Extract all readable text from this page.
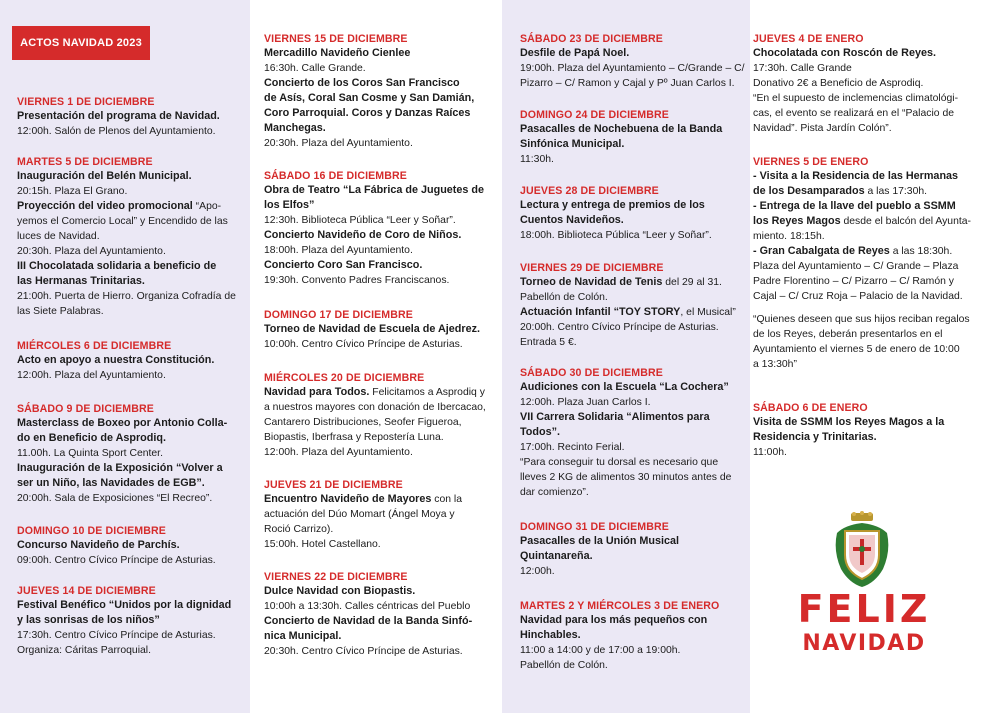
ACTOS NAVIDAD 2023
VIERNES 1 DE DICIEMBRE
Presentación del programa de Navidad.
12:00h. Salón de Plenos del Ayuntamiento.
MARTES 5 DE DICIEMBRE
Inauguración del Belén Municipal.
20:15h. Plaza El Grano.
Proyección del video promocional “Apo-
yemos el Comercio Local” y Encendido de las
luces de Navidad.
20:30h. Plaza del Ayuntamiento.
III Chocolatada solidaria a beneficio de
las Hermanas Trinitarias.
21:00h. Puerta de Hierro. Organiza Cofradía de
las Siete Palabras.
MIÉRCOLES 6 DE DICIEMBRE
Acto en apoyo a nuestra Constitución.
12:00h. Plaza del Ayuntamiento.
SÁBADO 9 DE DICIEMBRE
Masterclass de Boxeo por Antonio Colla-
do en Beneficio de Asprodiq.
11.00h. La Quinta Sport Center.
Inauguración de la Exposición “Volver a
ser un Niño, las Navidades de EGB”.
20:00h. Sala de Exposiciones “El Recreo”.
DOMINGO 10 DE DICIEMBRE
Concurso Navideño de Parchís.
09:00h. Centro Cívico Príncipe de Asturias.
JUEVES 14 DE DICIEMBRE
Festival Benéfico “Unidos por la dignidad
y las sonrisas de los niños”
17:30h. Centro Cívico Príncipe de Asturias.
Organiza: Cáritas Parroquial.
VIERNES 15 DE DICIEMBRE
Mercadillo Navideño Cienlee
16:30h. Calle Grande.
Concierto de los Coros San Francisco
de Asís, Coral San Cosme y San Damián,
Coro Parroquial. Coros y Danzas Raíces
Manchegas.
20:30h. Plaza del Ayuntamiento.
SÁBADO 16 DE DICIEMBRE
Obra de Teatro “La Fábrica de Juguetes de
los Elfos”
12:30h. Biblioteca Pública “Leer y Soñar”.
Concierto Navideño de Coro de Niños.
18:00h. Plaza del Ayuntamiento.
Concierto Coro San Francisco.
19:30h. Convento Padres Franciscanos.
DOMINGO 17 DE DICIEMBRE
Torneo de Navidad de Escuela de Ajedrez.
10:00h. Centro Cívico Príncipe de Asturias.
MIÉRCOLES 20 DE DICIEMBRE
Navidad para Todos. Felicitamos a Asprodiq y
a nuestros mayores con donación de Ibercacao,
Cantarero Distribuciones, Seofer Figueroa,
Biopastis, Iberfrasa y Repostería Luna.
12:00h. Plaza del Ayuntamiento.
JUEVES 21 DE DICIEMBRE
Encuentro Navideño de Mayores con la
actuación del Dúo Momart (Ángel Moya y
Roció Carrizo).
15:00h. Hotel Castellano.
VIERNES 22 DE DICIEMBRE
Dulce Navidad con Biopastis.
10:00h a 13:30h. Calles céntricas del Pueblo
Concierto de Navidad de la Banda Sinfó-
nica Municipal.
20:30h. Centro Cívico Príncipe de Asturias.
SÁBADO 23 DE DICIEMBRE
Desfile de Papá Noel.
19:00h. Plaza del Ayuntamiento – C/Grande – C/
Pizarro – C/ Ramon y Cajal y Pº Juan Carlos I.
DOMINGO 24 DE DICIEMBRE
Pasacalles de Nochebuena de la Banda
Sinfónica Municipal.
11:30h.
JUEVES 28 DE DICIEMBRE
Lectura y entrega de premios de los
Cuentos Navideños.
18:00h. Biblioteca Pública “Leer y Soñar”.
VIERNES 29 DE DICIEMBRE
Torneo de Navidad de Tenis del 29 al 31.
Pabellón de Colón.
Actuación Infantil “TOY STORY, el Musical”
20:00h. Centro Cívico Príncipe de Asturias.
Entrada 5 €.
SÁBADO 30 DE DICIEMBRE
Audiciones con la Escuela “La Cochera”
12:00h. Plaza Juan Carlos I.
VII Carrera Solidaria “Alimentos para
Todos”.
17:00h. Recinto Ferial.
“Para conseguir tu dorsal es necesario que
lleves 2 KG de alimentos 30 minutos antes de
dar comienzo”.
DOMINGO 31 DE DICIEMBRE
Pasacalles de la Unión Musical
Quintanareña.
12:00h.
MARTES 2 Y MIÉRCOLES 3 DE ENERO
Navidad para los más pequeños con
Hinchables.
11:00 a 14:00 y de 17:00 a 19:00h.
Pabellón de Colón.
JUEVES 4 DE ENERO
Chocolatada con Roscón de Reyes.
17:30h. Calle Grande
Donativo 2€ a Beneficio de Asprodiq.
“En el supuesto de inclemencias climatológi-
cas, el evento se realizará en el “Palacio de
Navidad”. Pista Jardín Colón”.
VIERNES 5 DE ENERO
- Visita a la Residencia de las Hermanas
de los Desamparados a las 17:30h.
- Entrega de la llave del pueblo a SSMM
los Reyes Magos desde el balcón del Ayunta-
miento. 18:15h.
- Gran Cabalgata de Reyes a las 18:30h.
Plaza del Ayuntamiento – C/ Grande – Plaza
Padre Florentino – C/ Pizarro – C/ Ramón y
Cajal – C/ Cruz Roja – Palacio de la Navidad.
“Quienes deseen que sus hijos reciban regalos
de los Reyes, deberán presentarlos en el
Ayuntamiento el viernes 5 de enero de 10:00
a 13:30h”
SÁBADO 6 DE ENERO
Visita de SSMM los Reyes Magos a la
Residencia y Trinitarias.
11:00h.
FELIZ
NAVIDAD
